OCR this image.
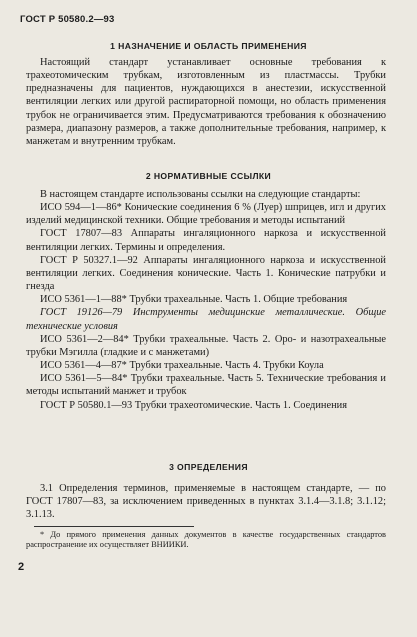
ГОСТ Р 50580.2—93
1 НАЗНАЧЕНИЕ И ОБЛАСТЬ ПРИМЕНЕНИЯ

Настоящий стандарт устанавливает основные требования к трахеотомическим трубкам, изготовленным из пластмассы. Трубки предназначены для пациентов, нуждающихся в анестезии, искусственной вентиляции легких или другой распираторной помощи, но область применения трубок не ограничивается этим. Предусматриваются требования к обозначению размера, диапазону размеров, а также дополнительные требования, например, к манжетам и внутренним трубкам.

2 НОРМАТИВНЫЕ ССЫЛКИ

В настоящем стандарте использованы ссылки на следующие стандарты:

ИСО 594—1—86* Конические соединения 6 % (Луер) шприцев, игл и других изделий медицинской техники. Общие требования и методы испытаний

ГОСТ 17807—83 Аппараты ингаляционного наркоза и искусственной вентиляции легких. Термины и определения.

ГОСТ Р 50327.1—92 Аппараты ингаляционного наркоза и искусственной вентиляции легких. Соединения конические. Часть 1. Конические патрубки и гнезда

ИСО 5361—1—88* Трубки трахеальные. Часть 1. Общие требования

ГОСТ 19126—79 Инструменты медицинские металлические. Общие технические условия

ИСО 5361—2—84* Трубки трахеальные. Часть 2. Оро- и назотрахеальные трубки Мэгилла (гладкие и с манжетами)

ИСО 5361—4—87* Трубки трахеальные. Часть 4. Трубки Коула

ИСО 5361—5—84* Трубки трахеальные. Часть 5. Технические требования и методы испытаний манжет и трубок

ГОСТ Р 50580.1—93 Трубки трахеотомические. Часть 1. Соединения

3 ОПРЕДЕЛЕНИЯ

3.1 Определения терминов, применяемые в настоящем стандарте, — по ГОСТ 17807—83, за исключением приведенных в пунктах 3.1.4—3.1.8; 3.1.12; 3.1.13.

* До прямого применения данных документов в качестве государственных стандартов распространение их осуществляет ВНИИКИ.

2
